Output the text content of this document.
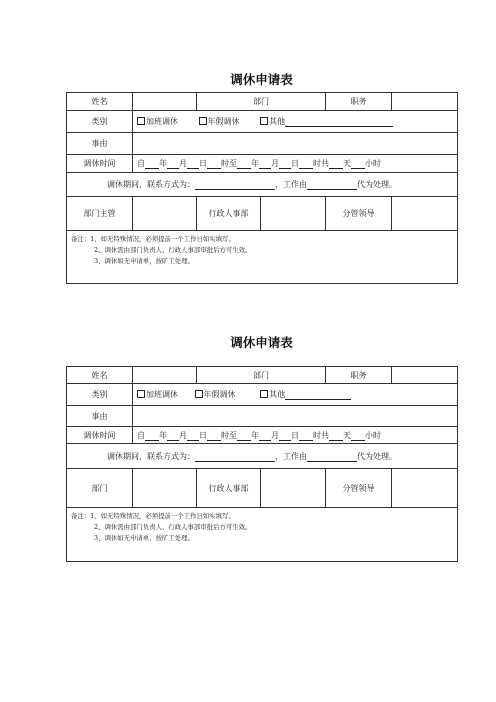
调休申请表
姓名		部门		职务	
类别	加班调休 年假调休 其他				
事由					
调休时间	自 年 月 日 时至 年 月 日 时共 天 小时				
调休期间，联系方式为： ，工作由 代为处理。					
部门主管		行政人事部		分管领导	

备注：1、如无特殊情况，必须提前一个工作日如实填写。
2、调休需由部门负责人、行政人事部审批后方可生效。
3、调休如无申请单，按旷工处理。					
调休申请表
姓名		部门		职务	
类别	加班调休 年假调休 其他				
事由					
调休时间	自 年 月 日 时至 年 月 日 时共 天 小时				
调休期间，联系方式为： ，工作由 代为处理。					
部门		行政人事部		分管领导	

备注：1、如无特殊情况，必须提前一个工作日如实填写。
2、调休需由部门负责人、行政人事部审批后方可生效。
3、调休如无申请单，按旷工处理。					
